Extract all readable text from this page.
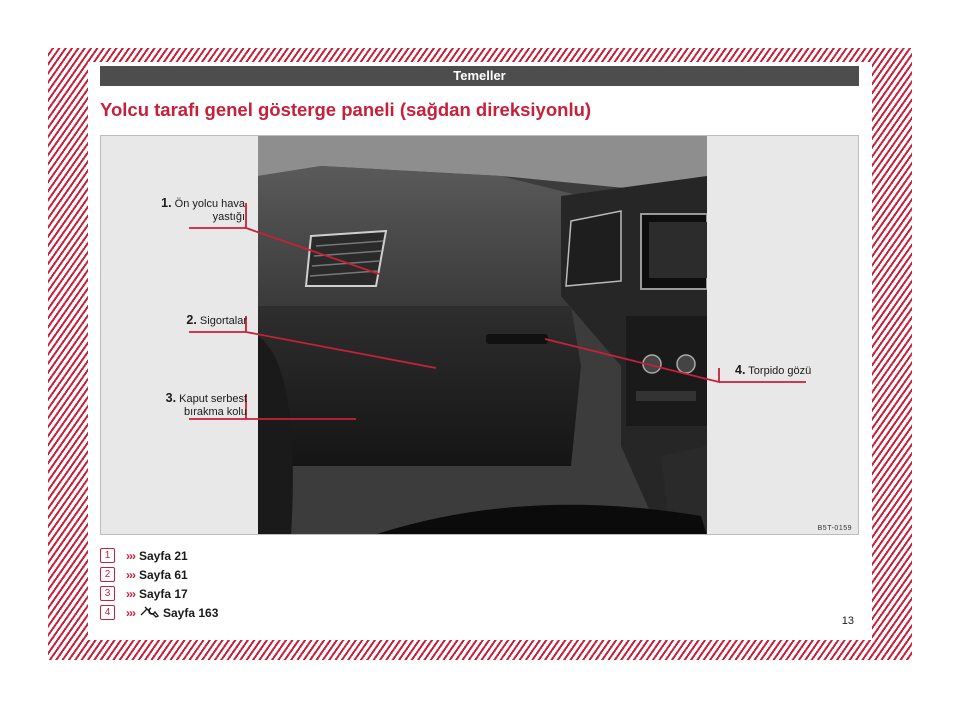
Temeller
Yolcu tarafı genel gösterge paneli (sağdan direksiyonlu)
1. Ön yolcu hava yastığı
2. Sigortalar
3. Kaput serbest bırakma kolu
4. Torpido gözü
B5T-0159
1	››› Sayfa 21
2	››› Sayfa 61
3	››› Sayfa 17
4	››› Sayfa 163
13
